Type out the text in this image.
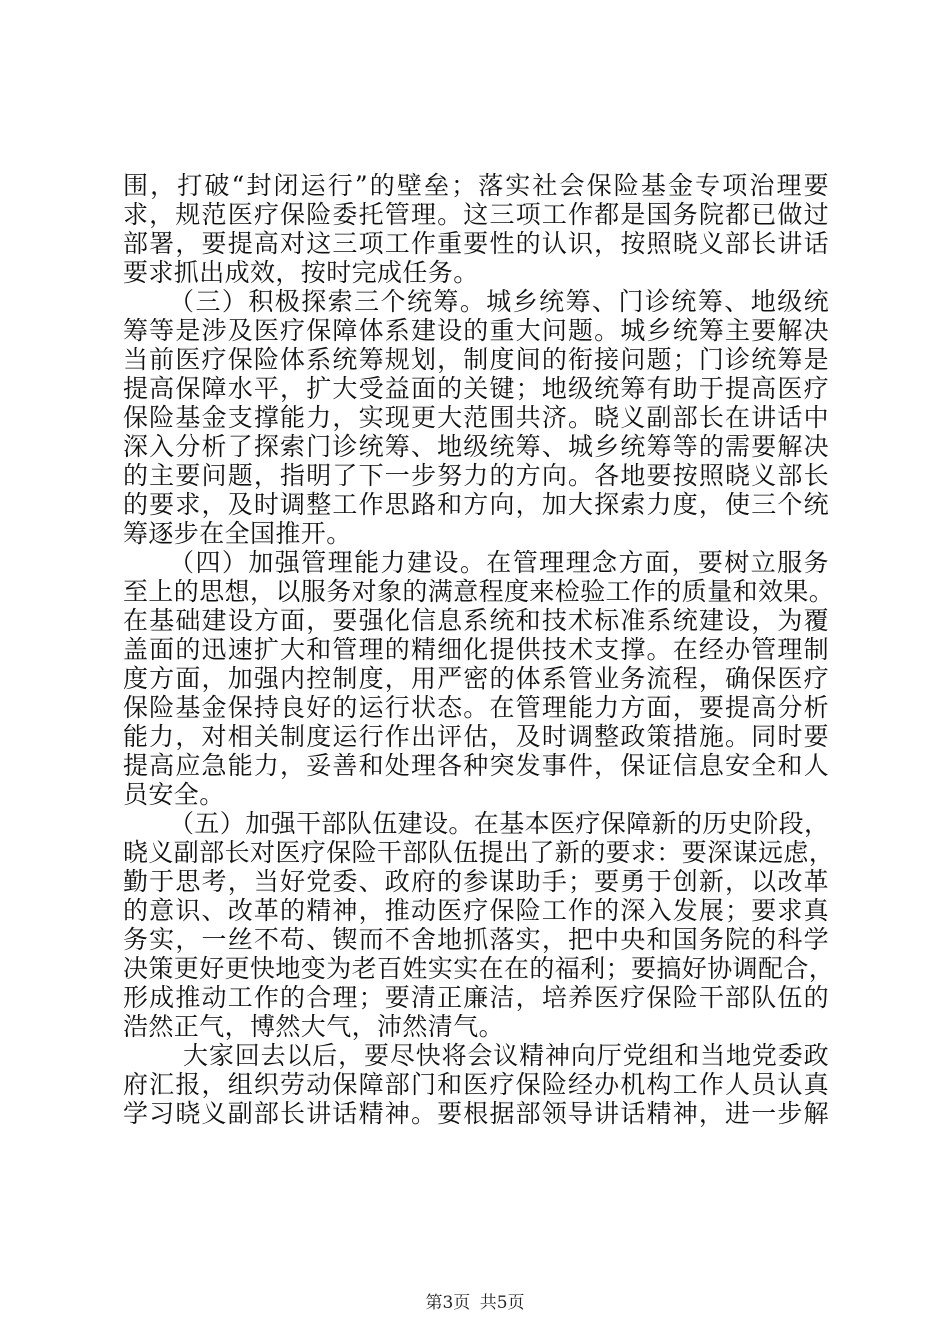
围，打破“封闭运行”的壁垒；落实社会保险基金专项治理要
求，规范医疗保险委托管理。这三项工作都是国务院都已做过
部署，要提高对这三项工作重要性的认识，按照晓义部长讲话
要求抓出成效，按时完成任务。
（三）积极探索三个统筹。城乡统筹、门诊统筹、地级统
筹等是涉及医疗保障体系建设的重大问题。城乡统筹主要解决
当前医疗保险体系统筹规划，制度间的衔接问题；门诊统筹是
提高保障水平，扩大受益面的关键；地级统筹有助于提高医疗
保险基金支撑能力，实现更大范围共济。晓义副部长在讲话中
深入分析了探索门诊统筹、地级统筹、城乡统筹等的需要解决
的主要问题，指明了下一步努力的方向。各地要按照晓义部长
的要求，及时调整工作思路和方向，加大探索力度，使三个统
筹逐步在全国推开。
（四）加强管理能力建设。在管理理念方面，要树立服务
至上的思想，以服务对象的满意程度来检验工作的质量和效果。
在基础建设方面，要强化信息系统和技术标准系统建设，为覆
盖面的迅速扩大和管理的精细化提供技术支撑。在经办管理制
度方面，加强内控制度，用严密的体系管业务流程，确保医疗
保险基金保持良好的运行状态。在管理能力方面，要提高分析
能力，对相关制度运行作出评估，及时调整政策措施。同时要
提高应急能力，妥善和处理各种突发事件，保证信息安全和人
员安全。
（五）加强干部队伍建设。在基本医疗保障新的历史阶段，
晓义副部长对医疗保险干部队伍提出了新的要求：要深谋远虑，
勤于思考，当好党委、政府的参谋助手；要勇于创新，以改革
的意识、改革的精神，推动医疗保险工作的深入发展；要求真
务实，一丝不苟、锲而不舍地抓落实，把中央和国务院的科学
决策更好更快地变为老百姓实实在在的福利；要搞好协调配合，
形成推动工作的合理；要清正廉洁，培养医疗保险干部队伍的
浩然正气，博然大气，沛然清气。
大家回去以后，要尽快将会议精神向厅党组和当地党委政
府汇报，组织劳动保障部门和医疗保险经办机构工作人员认真
学习晓义副部长讲话精神。要根据部领导讲话精神，进一步解
第3页 共5页
